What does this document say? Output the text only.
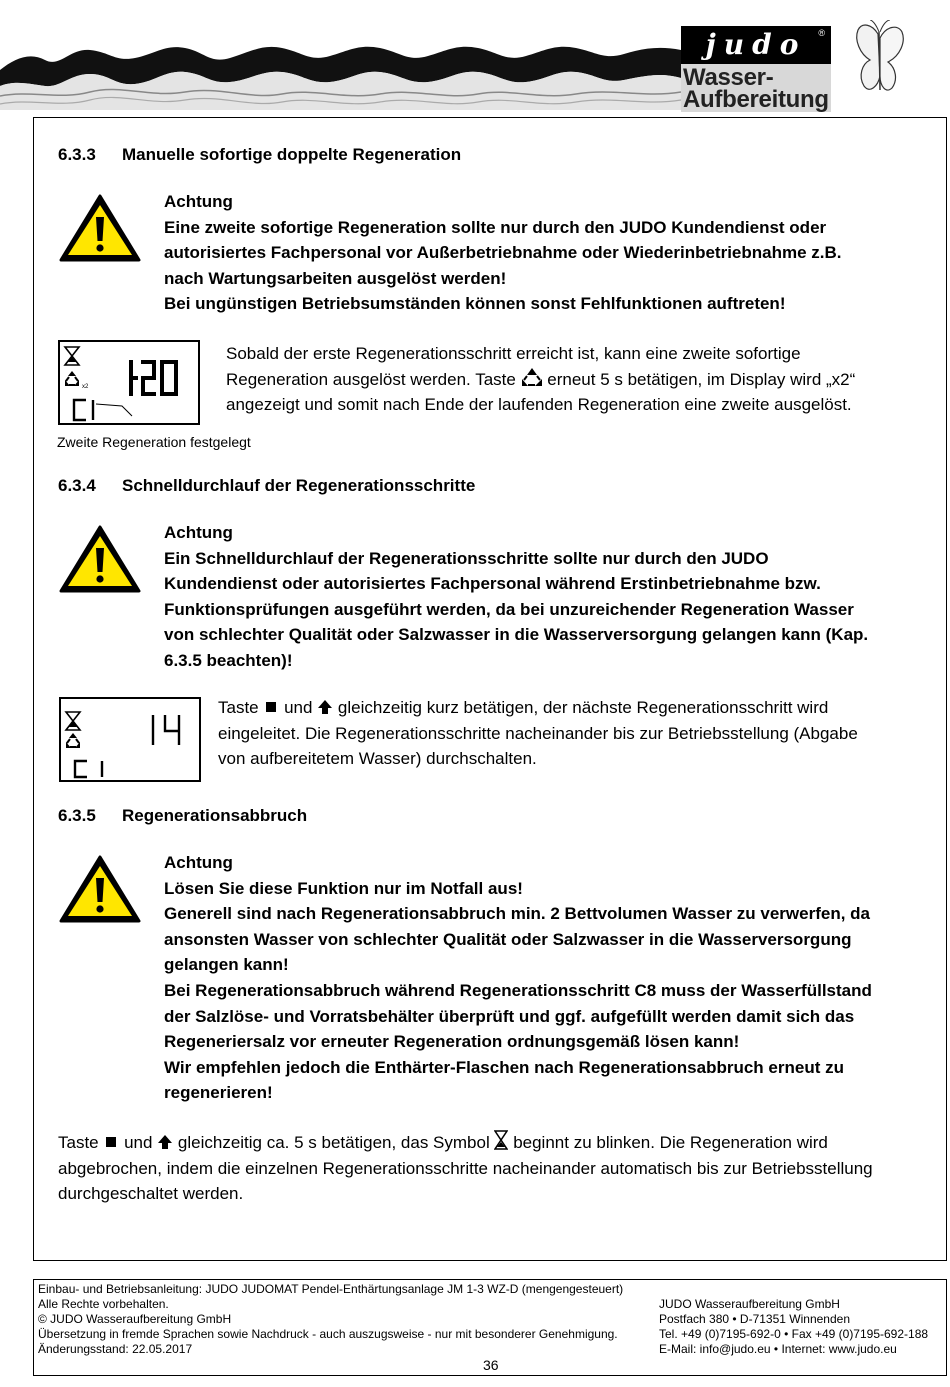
judo	®
Wasser-
Aufbereitung
6.3.3 Manuelle sofortige doppelte Regeneration
Achtung
Eine zweite sofortige Regeneration sollte nur durch den JUDO Kundendienst oder
autorisiertes Fachpersonal vor Außerbetriebnahme oder Wiederinbetriebnahme z.B.
nach Wartungsarbeiten ausgelöst werden!
Bei ungünstigen Betriebsumständen können sonst Fehlfunktionen auftreten!
x2
Zweite Regeneration festgelegt
Sobald der erste Regenerationsschritt erreicht ist, kann eine zweite sofortige
Regeneration ausgelöst werden. Taste  erneut 5 s betätigen, im Display wird „x2“
angezeigt und somit nach Ende der laufenden Regeneration eine zweite ausgelöst.
6.3.4 Schnelldurchlauf der Regenerationsschritte
Achtung
Ein Schnelldurchlauf der Regenerationsschritte sollte nur durch den JUDO
Kundendienst oder autorisiertes Fachpersonal während Erstinbetriebnahme bzw.
Funktionsprüfungen ausgeführt werden, da bei unzureichender Regeneration Wasser
von schlechter Qualität oder Salzwasser in die Wasserversorgung gelangen kann (Kap.
6.3.5 beachten)!
Taste  und  gleichzeitig kurz betätigen, der nächste Regenerationsschritt wird
eingeleitet. Die Regenerationsschritte nacheinander bis zur Betriebsstellung (Abgabe
von aufbereitetem Wasser) durchschalten.
6.3.5 Regenerationsabbruch
Achtung
Lösen Sie diese Funktion nur im Notfall aus!
Generell sind nach Regenerationsabbruch min. 2 Bettvolumen Wasser zu verwerfen, da
ansonsten Wasser von schlechter Qualität oder Salzwasser in die Wasserversorgung
gelangen kann!
Bei Regenerationsabbruch während Regenerationsschritt C8 muss der Wasserfüllstand
der Salzlöse- und Vorratsbehälter überprüft und ggf. aufgefüllt werden damit sich das
Regeneriersalz vor erneuter Regeneration ordnungsgemäß lösen kann!
Wir empfehlen jedoch die Enthärter-Flaschen nach Regenerationsabbruch erneut zu
regenerieren!
Taste  und  gleichzeitig ca. 5 s betätigen, das Symbol  beginnt zu blinken. Die Regeneration wird
abgebrochen, indem die einzelnen Regenerationsschritte nacheinander automatisch bis zur Betriebsstellung
durchgeschaltet werden.
Einbau- und Betriebsanleitung: JUDO JUDOMAT Pendel-Enthärtungsanlage JM 1-3 WZ-D (mengengesteuert)
Alle Rechte vorbehalten.
© JUDO Wasseraufbereitung GmbH
Übersetzung in fremde Sprachen sowie Nachdruck - auch auszugsweise - nur mit besonderer Genehmigung.
Änderungsstand: 22.05.2017
JUDO Wasseraufbereitung GmbH
Postfach 380 • D-71351 Winnenden
Tel. +49 (0)7195-692-0 • Fax +49 (0)7195-692-188
E-Mail: info@judo.eu • Internet: www.judo.eu
36
